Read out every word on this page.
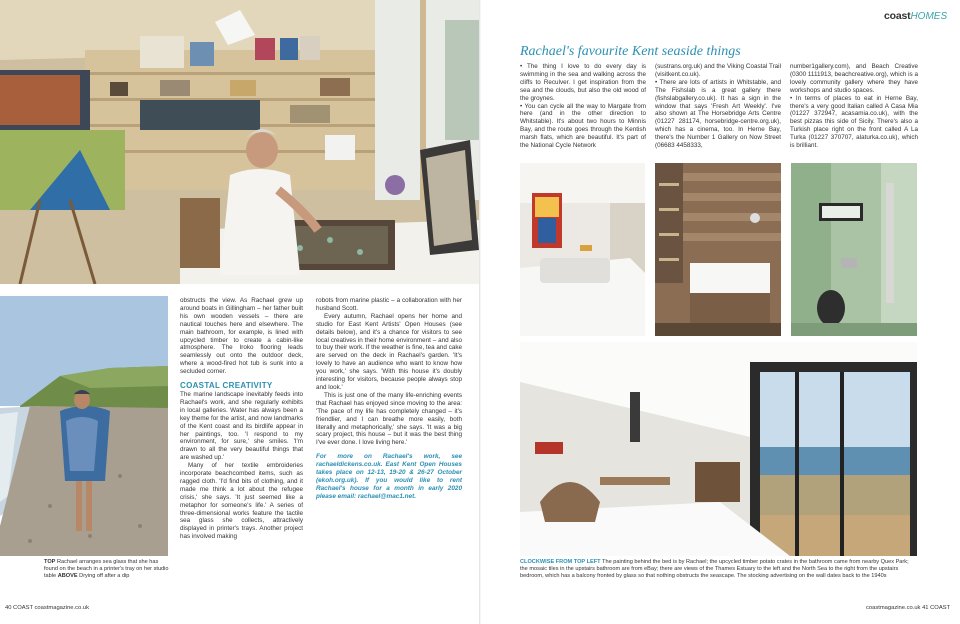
TOP Rachael arranges sea glass that she has found on the beach in a printer's tray on her studio table ABOVE Drying off after a dip

obstructs the view. As Rachael grew up around boats in Gillingham – her father built his own wooden vessels – there are nautical touches here and elsewhere. The main bathroom, for example, is lined with upcycled timber to create a cabin-like atmosphere. The Iroko flooring leads seamlessly out onto the outdoor deck, where a wood-fired hot tub is sunk into a secluded corner.

COASTAL CREATIVITY

The marine landscape inevitably feeds into Rachael's work, and she regularly exhibits in local galleries. Water has always been a key theme for the artist, and now landmarks of the Kent coast and its birdlife appear in her paintings, too. 'I respond to my environment, for sure,' she smiles. 'I'm drawn to all the very beautiful things that are washed up.'

Many of her textile embroideries incorporate beachcombed items, such as ragged cloth. 'I'd find bits of clothing, and it made me think a lot about the refugee crisis,' she says. 'It just seemed like a metaphor for someone's life.' A series of three-dimensional works feature the tactile sea glass she collects, attractively displayed in printer's trays. Another project has involved making

robots from marine plastic – a collaboration with her husband Scott.

Every autumn, Rachael opens her home and studio for East Kent Artists' Open Houses (see details below), and it's a chance for visitors to see local creatives in their home environment – and also to buy their work. If the weather is fine, tea and cake are served on the deck in Rachael's garden. 'It's lovely to have an audience who want to know how you work,' she says. 'With this house it's doubly interesting for visitors, because people always stop and look.'

This is just one of the many life-enriching events that Rachael has enjoyed since moving to the area: 'The pace of my life has completely changed – it's friendlier, and I can breathe more easily, both literally and metaphorically,' she says. 'It was a big scary project, this house – but it was the best thing I've ever done. I love living here.'

For more on Rachael's work, see rachaeldickens.co.uk. East Kent Open Houses takes place on 12-13, 19-20 & 26-27 October (ekoh.org.uk). If you would like to rent Rachael's house for a month in early 2020 please email: rachael@mac1.net.

40 COAST coastmagazine.co.uk
coastHOMES
Rachael's favourite Kent seaside things

• The thing I love to do every day is swimming in the sea and walking across the cliffs to Reculver. I get inspiration from the sea and the clouds, but also the old wood of the groynes.

• You can cycle all the way to Margate from here (and in the other direction to Whitstable). It's about two hours to Minnis Bay, and the route goes through the Kentish marsh flats, which are beautiful. It's part of the National Cycle Network

(sustrans.org.uk) and the Viking Coastal Trail (visitkent.co.uk).

• There are lots of artists in Whitstable, and The Fishslab is a great gallery there (fishslabgallery.co.uk). It has a sign in the window that says 'Fresh Art Weekly'. I've also shown at The Horsebridge Arts Centre (01227 281174, horsebridge-centre.org.uk), which has a cinema, too. In Herne Bay, there's the Number 1 Gallery on Now Street (06683 4458333,

number1gallery.com), and Beach Creative (0300 1111913, beachcreative.org), which is a lovely community gallery where they have workshops and studio spaces.

• In terms of places to eat in Herne Bay, there's a very good Italian called A Casa Mia (01227 372947, acasamia.co.uk), with the best pizzas this side of Sicily. There's also a Turkish place right on the front called A La Turka (01227 370707, alaturka.co.uk), which is brilliant.

CLOCKWISE FROM TOP LEFT The painting behind the bed is by Rachael; the upcycled timber potato crates in the bathroom came from nearby Quex Park; the mosaic tiles in the upstairs bathroom are from eBay; there are views of the Thames Estuary to the left and the North Sea to the right from the upstairs bedroom, which has a balcony fronted by glass so that nothing obstructs the seascape. The stocking advertising on the wall dates back to the 1940s
coastmagazine.co.uk 41 COAST
